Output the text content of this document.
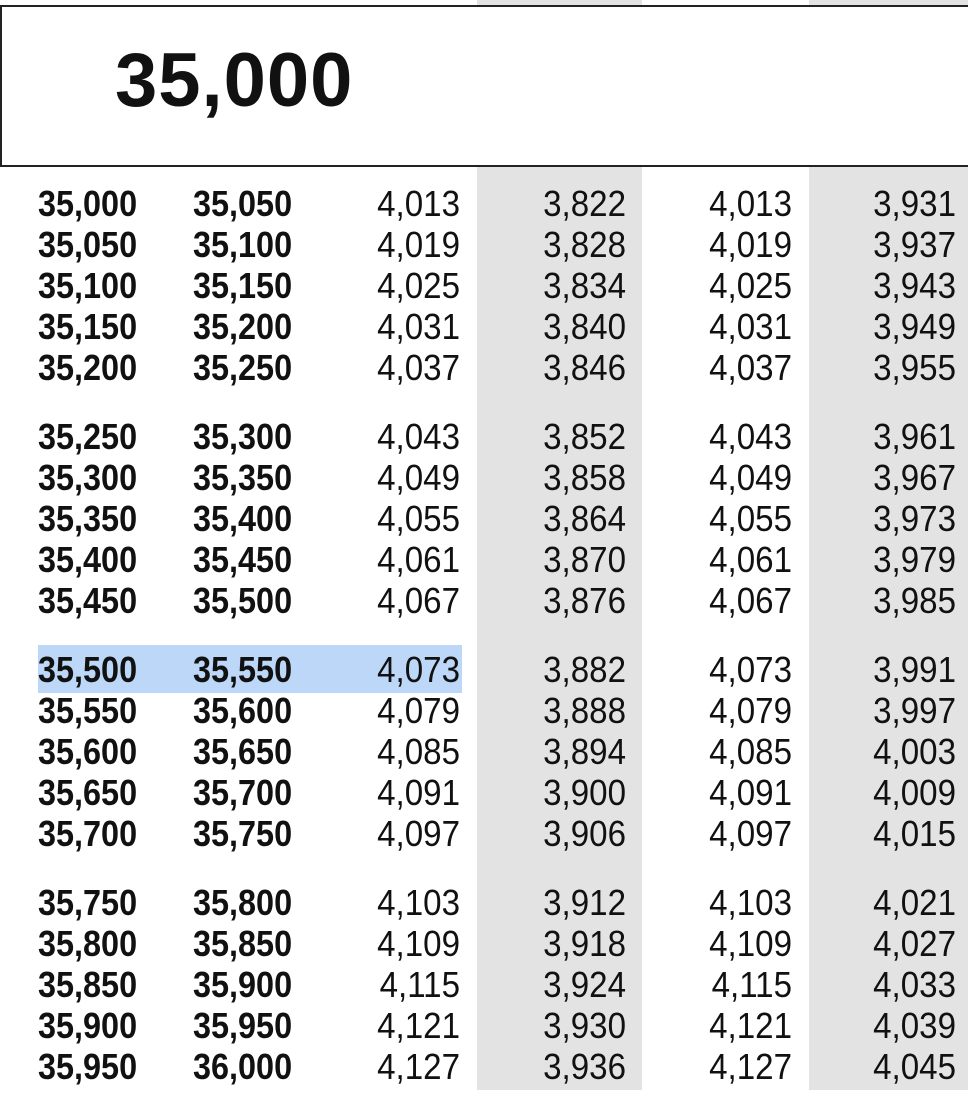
35,000
35,000 35,050	4,013	3,822	4,013	3,931
35,050 35,100	4,019	3,828	4,019	3,937
35,100 35,150	4,025	3,834	4,025	3,943
35,150 35,200	4,031	3,840	4,031	3,949
35,200 35,250	4,037	3,846	4,037	3,955
35,250 35,300	4,043	3,852	4,043	3,961
35,300 35,350	4,049	3,858	4,049	3,967
35,350 35,400	4,055	3,864	4,055	3,973
35,400 35,450	4,061	3,870	4,061	3,979
35,450 35,500	4,067	3,876	4,067	3,985
35,500 35,550	4,073	3,882	4,073	3,991
35,550 35,600	4,079	3,888	4,079	3,997
35,600 35,650	4,085	3,894	4,085	4,003
35,650 35,700	4,091	3,900	4,091	4,009
35,700 35,750	4,097	3,906	4,097	4,015
35,750 35,800	4,103	3,912	4,103	4,021
35,800 35,850	4,109	3,918	4,109	4,027
35,850 35,900	4,115	3,924	4,115	4,033
35,900 35,950	4,121	3,930	4,121	4,039
35,950 36,000	4,127	3,936	4,127	4,045
